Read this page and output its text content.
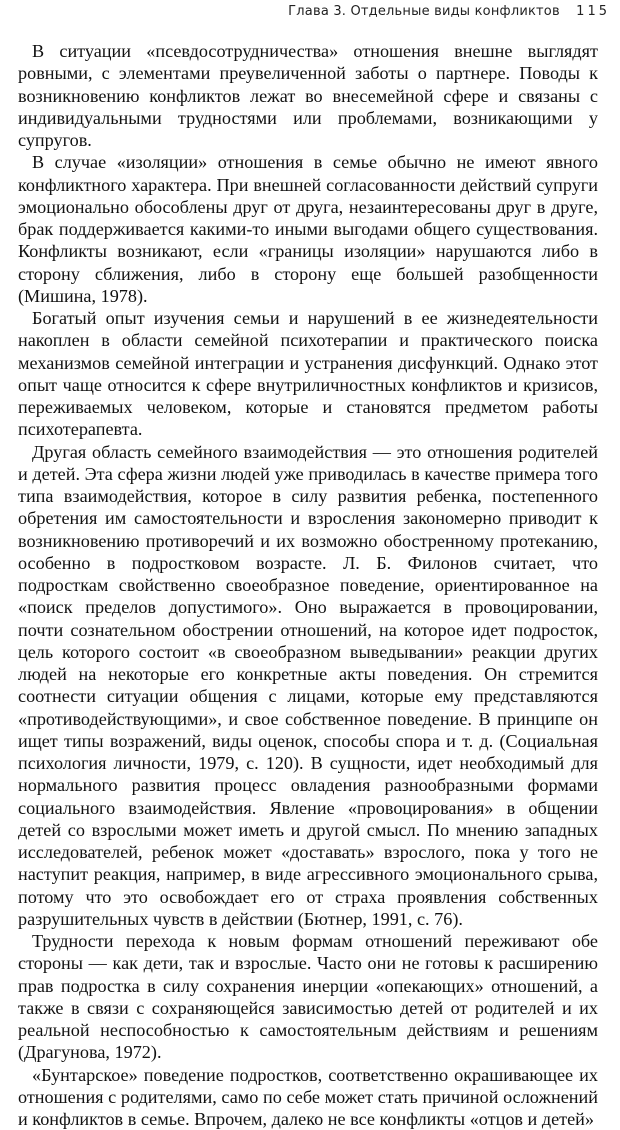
Глава 3. Отдельные виды конфликтов 115

В ситуации «псевдосотрудничества» отношения внешне выглядят ровными, с элементами преувеличенной заботы о партнере. Поводы к возникновению конфликтов лежат во внесемейной сфере и связаны с индивидуальными трудностями или проблемами, возникающими у супругов.

В случае «изоляции» отношения в семье обычно не имеют явного конфликтного характера. При внешней согласованности действий супруги эмоционально обособлены друг от друга, незаинтересованы друг в друге, брак поддерживается какими-то иными выгодами общего существования. Конфликты возникают, если «границы изоляции» нарушаются либо в сторону сближения, либо в сторону еще большей разобщенности (Мишина, 1978).

Богатый опыт изучения семьи и нарушений в ее жизнедеятельности накоплен в области семейной психотерапии и практического поиска механизмов семейной интеграции и устранения дисфункций. Однако этот опыт чаще относится к сфере внутриличностных конфликтов и кризисов, переживаемых человеком, которые и становятся предметом работы психотерапевта.

Другая область семейного взаимодействия — это отношения родителей и детей. Эта сфера жизни людей уже приводилась в качестве примера того типа взаимодействия, которое в силу развития ребенка, постепенного обретения им самостоятельности и взросления закономерно приводит к возникновению противоречий и их возможно обостренному протеканию, особенно в подростковом возрасте. Л. Б. Филонов считает, что подросткам свойственно своеобразное поведение, ориентированное на «поиск пределов допустимого». Оно выражается в провоцировании, почти сознательном обострении отношений, на которое идет подросток, цель которого состоит «в своеобразном выведывании» реакции других людей на некоторые его конкретные акты поведения. Он стремится соотнести ситуации общения с лицами, которые ему представляются «противодействующими», и свое собственное поведение. В принципе он ищет типы возражений, виды оценок, способы спора и т. д. (Социальная психология личности, 1979, с. 120). В сущности, идет необходимый для нормального развития процесс овладения разнообразными формами социального взаимодействия. Явление «провоцирования» в общении детей со взрослыми может иметь и другой смысл. По мнению западных исследователей, ребенок может «доставать» взрослого, пока у того не наступит реакция, например, в виде агрессивного эмоционального срыва, потому что это освобождает его от страха проявления собственных разрушительных чувств в действии (Бютнер, 1991, с. 76).

Трудности перехода к новым формам отношений переживают обе стороны — как дети, так и взрослые. Часто они не готовы к расширению прав подростка в силу сохранения инерции «опекающих» отношений, а также в связи с сохраняющейся зависимостью детей от родителей и их реальной неспособностью к самостоятельным действиям и решениям (Драгунова, 1972).

«Бунтарское» поведение подростков, соответственно окрашивающее их отношения с родителями, само по себе может стать причиной осложнений и конфликтов в семье. Впрочем, далеко не все конфликты «отцов и детей»
